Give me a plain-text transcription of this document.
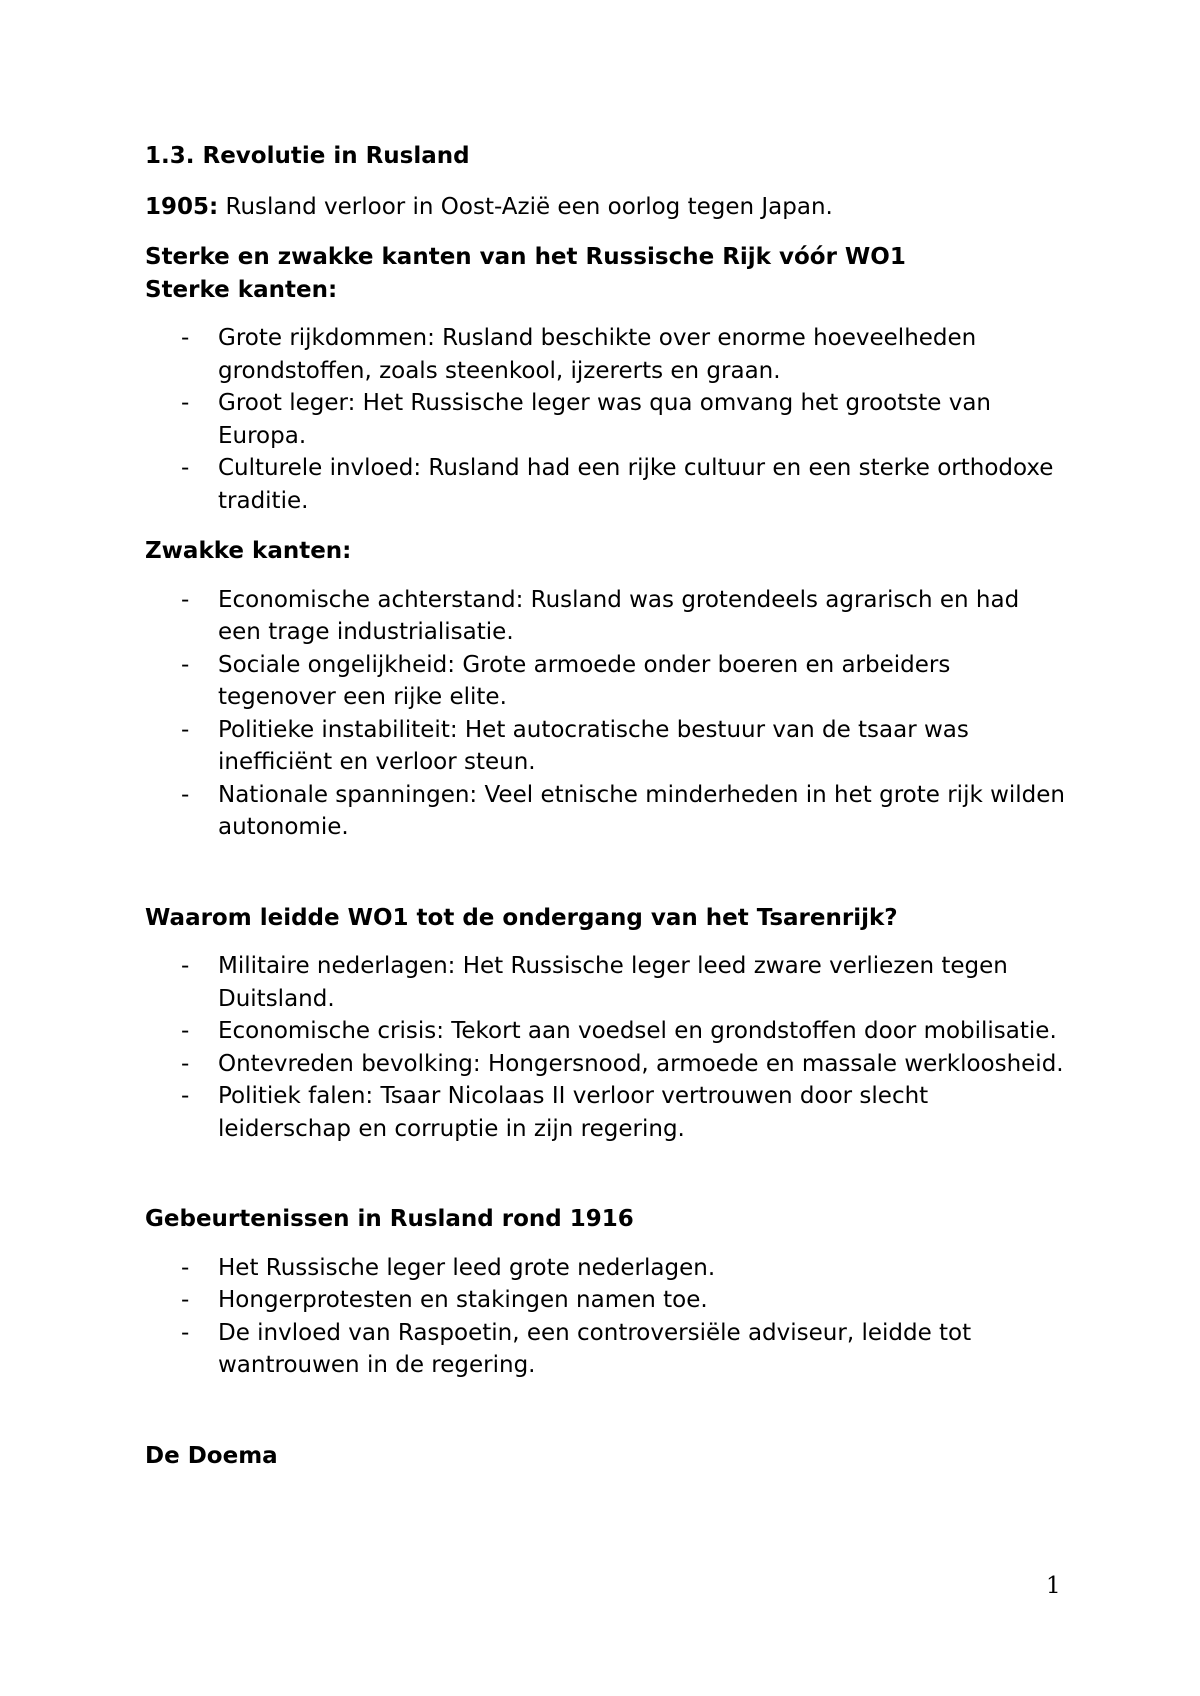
1.3. Revolutie in Rusland

1905: Rusland verloor in Oost-Azië een oorlog tegen Japan.

Sterke en zwakke kanten van het Russische Rijk vóór WO1

Sterke kanten:

- Grote rijkdommen: Rusland beschikte over enorme hoeveelheden grondstoffen, zoals steenkool, ijzererts en graan.
- Groot leger: Het Russische leger was qua omvang het grootste van Europa.
- Culturele invloed: Rusland had een rijke cultuur en een sterke orthodoxe traditie.

Zwakke kanten:

- Economische achterstand: Rusland was grotendeels agrarisch en had een trage industrialisatie.
- Sociale ongelijkheid: Grote armoede onder boeren en arbeiders tegenover een rijke elite.
- Politieke instabiliteit: Het autocratische bestuur van de tsaar was inefficiënt en verloor steun.
- Nationale spanningen: Veel etnische minderheden in het grote rijk wilden autonomie.

Waarom leidde WO1 tot de ondergang van het Tsarenrijk?

- Militaire nederlagen: Het Russische leger leed zware verliezen tegen Duitsland.
- Economische crisis: Tekort aan voedsel en grondstoffen door mobilisatie.
- Ontevreden bevolking: Hongersnood, armoede en massale werkloosheid.
- Politiek falen: Tsaar Nicolaas II verloor vertrouwen door slecht leiderschap en corruptie in zijn regering.

Gebeurtenissen in Rusland rond 1916

- Het Russische leger leed grote nederlagen.
- Hongerprotesten en stakingen namen toe.
- De invloed van Raspoetin, een controversiële adviseur, leidde tot wantrouwen in de regering.

De Doema

1
